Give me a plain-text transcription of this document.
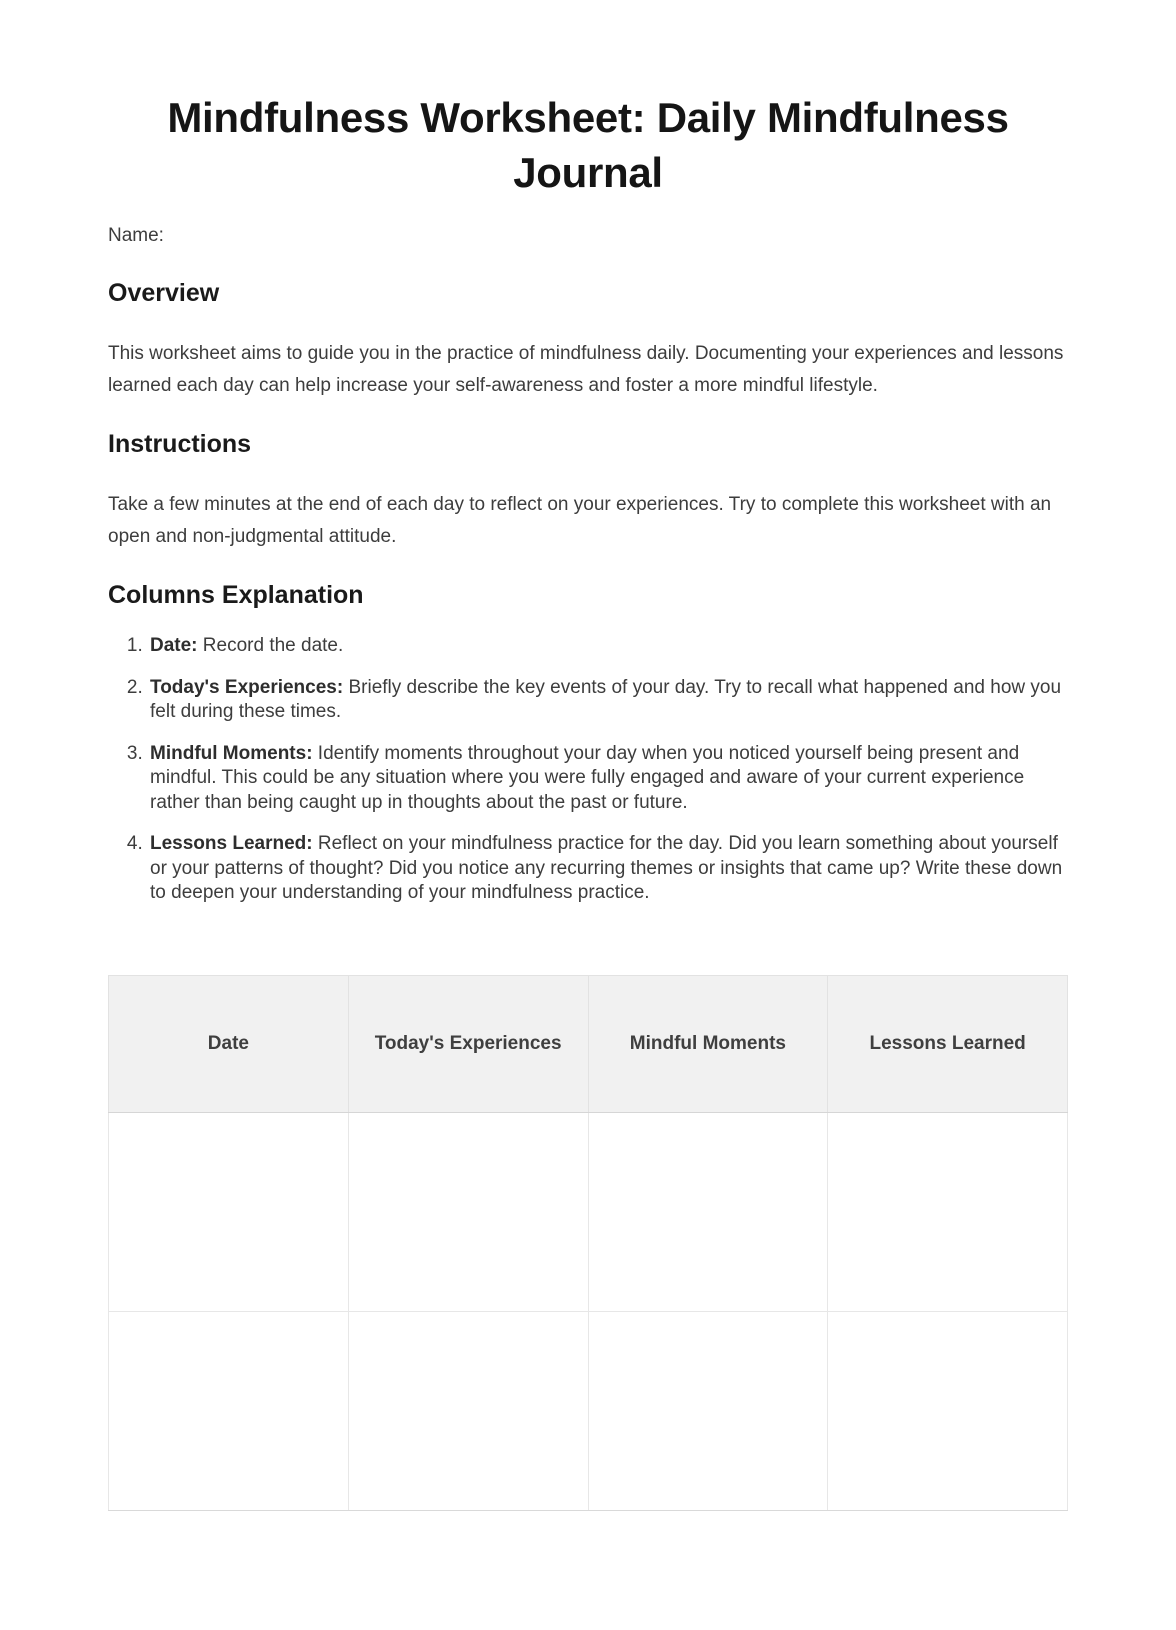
Mindfulness Worksheet: Daily Mindfulness Journal
Name:
Overview

This worksheet aims to guide you in the practice of mindfulness daily. Documenting your experiences and lessons learned each day can help increase your self-awareness and foster a more mindful lifestyle.

Instructions

Take a few minutes at the end of each day to reflect on your experiences. Try to complete this worksheet with an open and non-judgmental attitude.

Columns Explanation
1. Date: Record the date.
2. Today's Experiences: Briefly describe the key events of your day. Try to recall what happened and how you felt during these times.
3. Mindful Moments: Identify moments throughout your day when you noticed yourself being present and mindful. This could be any situation where you were fully engaged and aware of your current experience rather than being caught up in thoughts about the past or future.
4. Lessons Learned: Reflect on your mindfulness practice for the day. Did you learn something about yourself or your patterns of thought? Did you notice any recurring themes or insights that came up? Write these down to deepen your understanding of your mindfulness practice.
Date	Today's Experiences	Mindful Moments	Lessons Learned
